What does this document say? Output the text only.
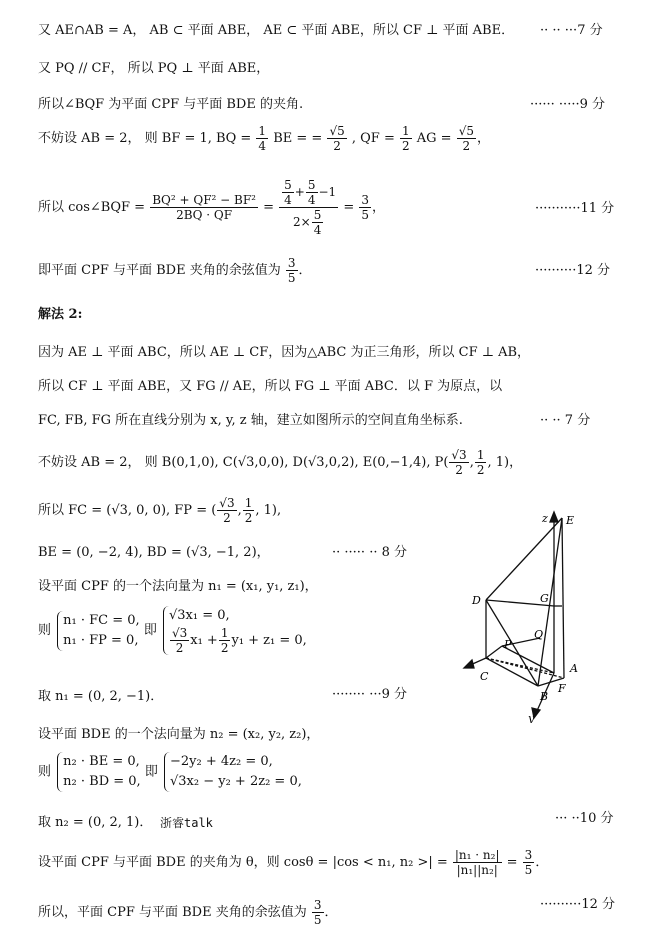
又 AE∩AB = A， AB ⊂ 平面 ABE， AE ⊂ 平面 ABE，所以 CF ⊥ 平面 ABE． ·· ·· ···7 分
又 PQ // CF， 所以 PQ ⊥ 平面 ABE，
所以∠BQF 为平面 CPF 与平面 BDE 的夹角.	······ ·····9 分
不妨设 AB = 2， 则 BF = 1, BQ = $\frac{1}{4}$ BE = = $\frac{√5}{2}$ , QF = $\frac{1}{2}$ AG = $\frac{√5}{2}$ ，
所以 cos∠BQF = $\frac{\text{BQ² + QF² − BF²}}{2BQ \cdot QF} = \frac{\frac{5}{4} + \frac{5}{4} -1}{2\times \frac{5}{4}} = \frac{3}{5}$ ，	···········11 分
即平面 CPF 与平面 BDE 夹角的余弦值为 $\frac{3}{5}$ ．	··········12 分
解法 2:
因为 AE ⊥ 平面 ABC，所以 AE ⊥ CF，因为△ABC 为正三角形，所以 CF ⊥ AB，
所以 CF ⊥ 平面 ABE，又 FG // AE，所以 FG ⊥ 平面 ABC．以 F 为原点，以
FC, FB, FG 所在直线分别为 x, y, z 轴，建立如图所示的空间直角坐标系.	·· ·· 7 分
不妨设 AB = 2， 则 B(0,1,0), C(√3,0,0), D(√3,0,2), E(0,−1,4), $P( \frac{√3}{2}$ , $\frac{1}{2}$ , 1)，
所以 FC = (√3, 0, 0), FP = ( $\frac{√3}{2}$ , $\frac{1}{2}$ , 1),
BE = (0, −2, 4), BD = (√3, −1, 2)，	·· ····· ·· 8 分
设平面 CPF 的一个法向量为 n₁ = (x₁, y₁, z₁)，
则
n₁ · FC = 0,
n₁ · FP = 0,
即
√3x₁ = 0,
$\frac{√3}{2} x_1 + \frac{1}{2} y_1 + z_1 = 0$,
取 n₁ = (0, 2, −1)．	········ ···9 分
设平面 BDE 的一个法向量为 n₂ = (x₂, y₂, z₂)，
则
n₂ · BE = 0,
n₂ · BD = 0,
即
−2y₂ + 4z₂ = 0,
√3x₂ − y₂ + 2z₂ = 0,
取 n₂ = (0, 2, 1)． 浙睿talk	··· ··10 分
设平面 CPF 与平面 BDE 的夹角为 θ，则 cosθ = |cos < n₁, n₂ >| = $\frac{\text{|n₁ · n₂|}}{\text{|n₁||n₂|}} = \frac{3}{5}$ ．
所以，平面 CPF 与平面 BDE 夹角的余弦值为 $\frac{3}{5}$ ．
··········12 分
z E
D	G
Q
P
A
C
F
B
y
